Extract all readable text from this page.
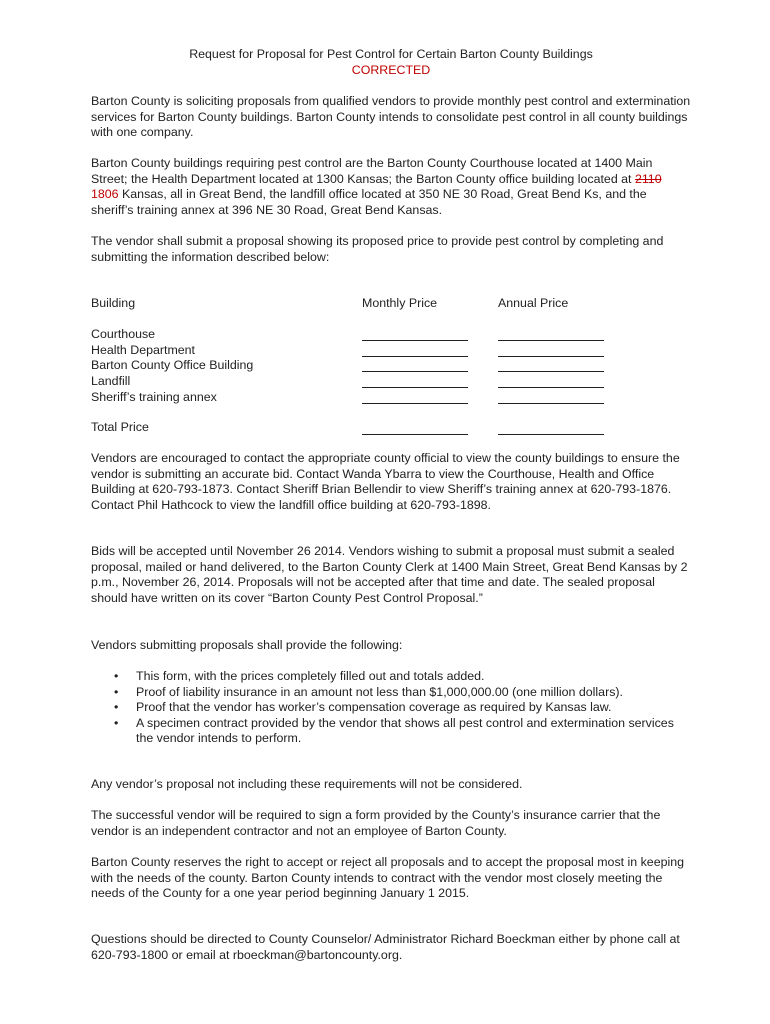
Request for Proposal for Pest Control for Certain Barton County Buildings

CORRECTED

Barton County is soliciting proposals from qualified vendors to provide monthly pest control and extermination services for Barton County buildings. Barton County intends to consolidate pest control in all county buildings with one company.

Barton County buildings requiring pest control are the Barton County Courthouse located at 1400 Main Street; the Health Department located at 1300 Kansas; the Barton County office building located at 2110 1806 Kansas, all in Great Bend, the landfill office located at 350 NE 30 Road, Great Bend Ks, and the sheriff’s training annex at 396 NE 30 Road, Great Bend Kansas.

The vendor shall submit a proposal showing its proposed price to provide pest control by completing and submitting the information described below:

Building	Monthly Price	Annual Price
Courthouse
Health Department
Barton County Office Building
Landfill
Sheriff’s training annex
Total Price

Vendors are encouraged to contact the appropriate county official to view the county buildings to ensure the vendor is submitting an accurate bid. Contact Wanda Ybarra to view the Courthouse, Health and Office Building at 620-793-1873. Contact Sheriff Brian Bellendir to view Sheriff’s training annex at 620-793-1876. Contact Phil Hathcock to view the landfill office building at 620-793-1898.

Bids will be accepted until November 26 2014. Vendors wishing to submit a proposal must submit a sealed proposal, mailed or hand delivered, to the Barton County Clerk at 1400 Main Street, Great Bend Kansas by 2 p.m., November 26, 2014. Proposals will not be accepted after that time and date. The sealed proposal should have written on its cover “Barton County Pest Control Proposal.”

Vendors submitting proposals shall provide the following:

• This form, with the prices completely filled out and totals added.
• Proof of liability insurance in an amount not less than $1,000,000.00 (one million dollars).
• Proof that the vendor has worker’s compensation coverage as required by Kansas law.
• A specimen contract provided by the vendor that shows all pest control and extermination services the vendor intends to perform.

Any vendor’s proposal not including these requirements will not be considered.

The successful vendor will be required to sign a form provided by the County’s insurance carrier that the vendor is an independent contractor and not an employee of Barton County.

Barton County reserves the right to accept or reject all proposals and to accept the proposal most in keeping with the needs of the county. Barton County intends to contract with the vendor most closely meeting the needs of the County for a one year period beginning January 1 2015.

Questions should be directed to County Counselor/ Administrator Richard Boeckman either by phone call at 620-793-1800 or email at rboeckman@bartoncounty.org.
